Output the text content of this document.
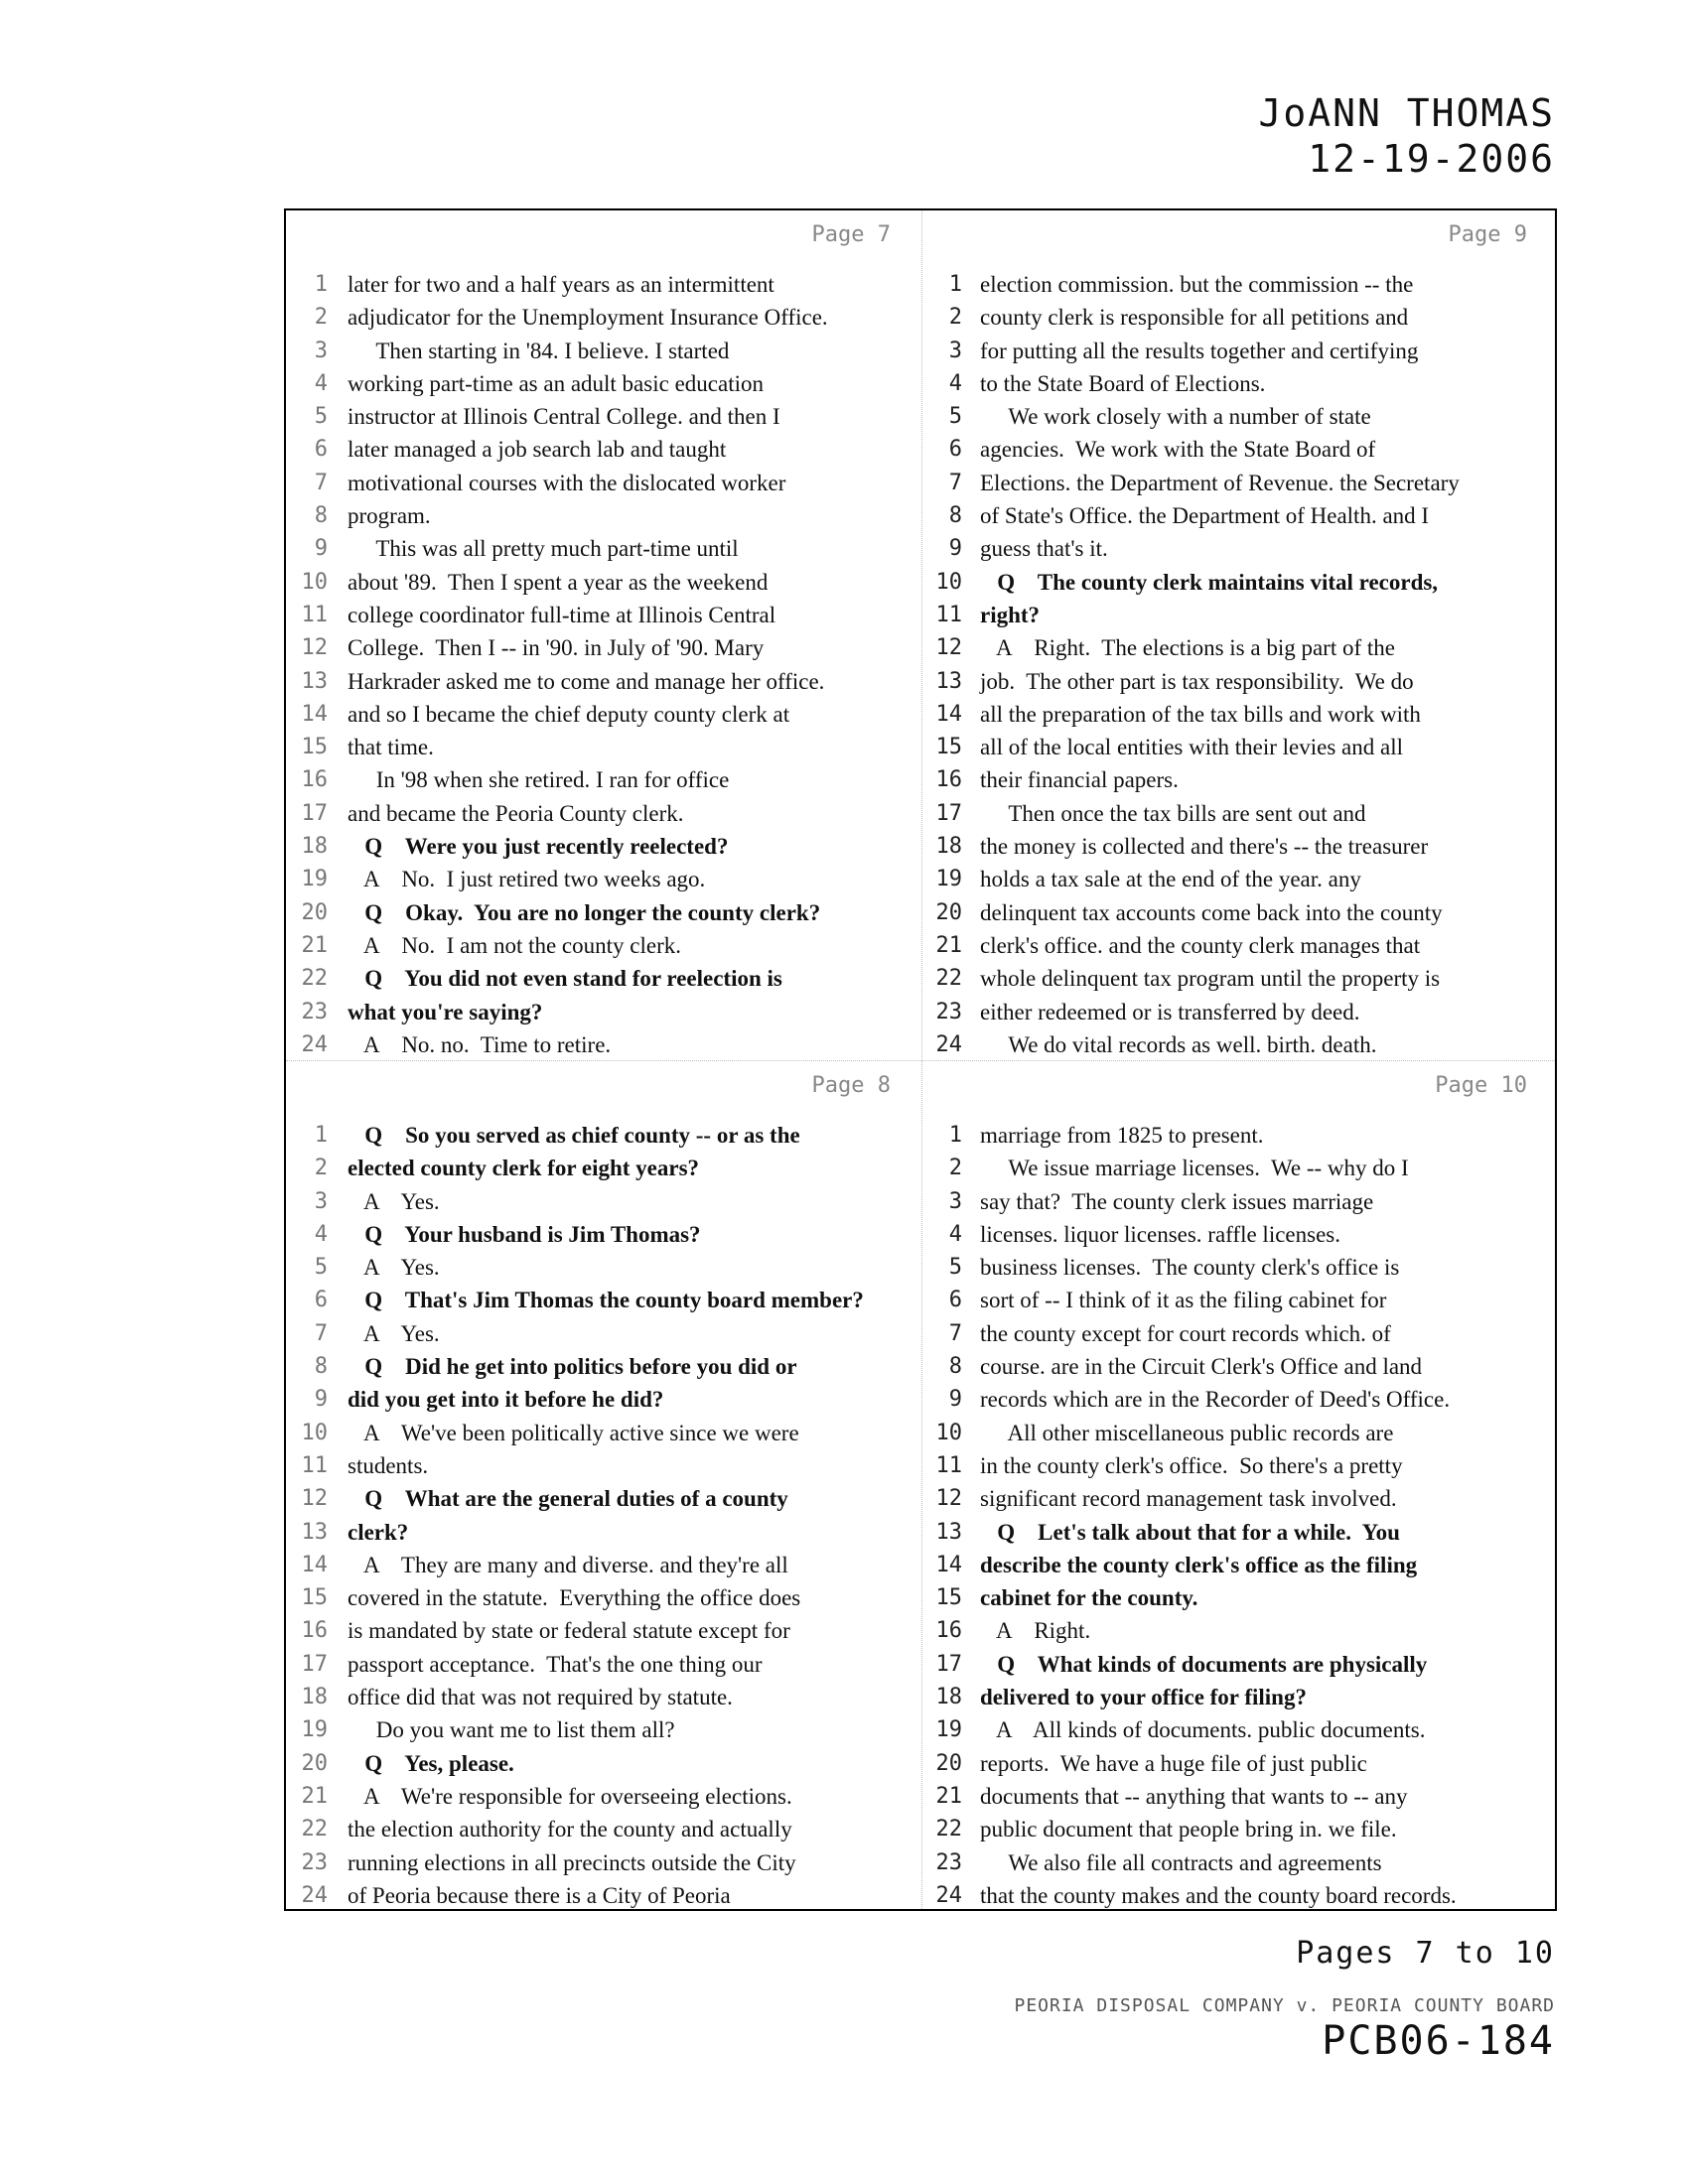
JoANN THOMAS
12-19-2006
Page 7
1 later for two and a half years as an intermittent
2 adjudicator for the Unemployment Insurance Office.
3 Then starting in '84. I believe. I started
4 working part-time as an adult basic education
5 instructor at Illinois Central College. and then I
6 later managed a job search lab and taught
7 motivational courses with the dislocated worker
8 program.
9 This was all pretty much part-time until
10 about '89.  Then I spent a year as the weekend
11 college coordinator full-time at Illinois Central
12 College.  Then I -- in '90. in July of '90. Mary
13 Harkrader asked me to come and manage her office.
14 and so I became the chief deputy county clerk at
15 that time.
16 In '98 when she retired. I ran for office
17 and became the Peoria County clerk.
18 Q    Were you just recently reelected?
19 A    No.  I just retired two weeks ago.
20 Q    Okay.  You are no longer the county clerk?
21 A    No.  I am not the county clerk.
22 Q    You did not even stand for reelection is
23 what you're saying?
24 A    No. no.  Time to retire.
Page 9
1 election commission. but the commission -- the
2 county clerk is responsible for all petitions and
3 for putting all the results together and certifying
4 to the State Board of Elections.
5 We work closely with a number of state
6 agencies.  We work with the State Board of
7 Elections. the Department of Revenue. the Secretary
8 of State's Office. the Department of Health. and I
9 guess that's it.
10 Q    The county clerk maintains vital records,
11 right?
12 A    Right.  The elections is a big part of the
13 job.  The other part is tax responsibility.  We do
14 all the preparation of the tax bills and work with
15 all of the local entities with their levies and all
16 their financial papers.
17 Then once the tax bills are sent out and
18 the money is collected and there's -- the treasurer
19 holds a tax sale at the end of the year. any
20 delinquent tax accounts come back into the county
21 clerk's office. and the county clerk manages that
22 whole delinquent tax program until the property is
23 either redeemed or is transferred by deed.
24 We do vital records as well. birth. death.
Page 8
1 Q    So you served as chief county -- or as the
2 elected county clerk for eight years?
3 A    Yes.
4 Q    Your husband is Jim Thomas?
5 A    Yes.
6 Q    That's Jim Thomas the county board member?
7 A    Yes.
8 Q    Did he get into politics before you did or
9 did you get into it before he did?
10 A    We've been politically active since we were
11 students.
12 Q    What are the general duties of a county
13 clerk?
14 A    They are many and diverse. and they're all
15 covered in the statute.  Everything the office does
16 is mandated by state or federal statute except for
17 passport acceptance.  That's the one thing our
18 office did that was not required by statute.
19 Do you want me to list them all?
20 Q    Yes, please.
21 A    We're responsible for overseeing elections.
22 the election authority for the county and actually
23 running elections in all precincts outside the City
24 of Peoria because there is a City of Peoria
Page 10
1 marriage from 1825 to present.
2 We issue marriage licenses.  We -- why do I
3 say that?  The county clerk issues marriage
4 licenses. liquor licenses. raffle licenses.
5 business licenses.  The county clerk's office is
6 sort of -- I think of it as the filing cabinet for
7 the county except for court records which. of
8 course. are in the Circuit Clerk's Office and land
9 records which are in the Recorder of Deed's Office.
10 All other miscellaneous public records are
11 in the county clerk's office.  So there's a pretty
12 significant record management task involved.
13 Q    Let's talk about that for a while.  You
14 describe the county clerk's office as the filing
15 cabinet for the county.
16 A    Right.
17 Q    What kinds of documents are physically
18 delivered to your office for filing?
19 A    All kinds of documents. public documents.
20 reports.  We have a huge file of just public
21 documents that -- anything that wants to -- any
22 public document that people bring in. we file.
23 We also file all contracts and agreements
24 that the county makes and the county board records.
Pages 7 to 10
PEORIA DISPOSAL COMPANY v. PEORIA COUNTY BOARD
PCB06-184
